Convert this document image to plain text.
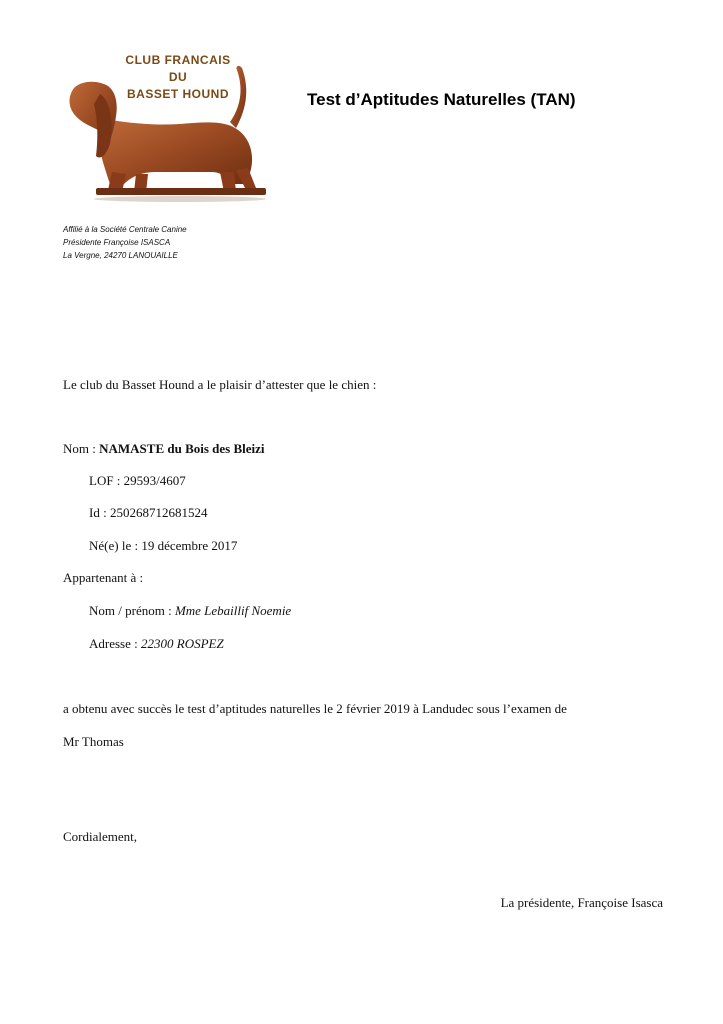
CLUB FRANCAIS
DU
BASSET HOUND	Test d’Aptitudes Naturelles (TAN)
Affilié à la Société Centrale Canine
Présidente Françoise ISASCA
La Vergne, 24270 LANOUAILLE
Le club du Basset Hound a le plaisir d’attester que le chien :
Nom : NAMASTE du Bois des Bleizi
LOF : 29593/4607
Id : 250268712681524
Né(e) le : 19 décembre 2017
Appartenant à :
Nom / prénom : Mme Lebaillif Noemie
Adresse : 22300 ROSPEZ
a obtenu avec succès le test d’aptitudes naturelles le 2 février 2019 à Landudec sous l’examen de
Mr Thomas
Cordialement,
La présidente, Françoise Isasca
